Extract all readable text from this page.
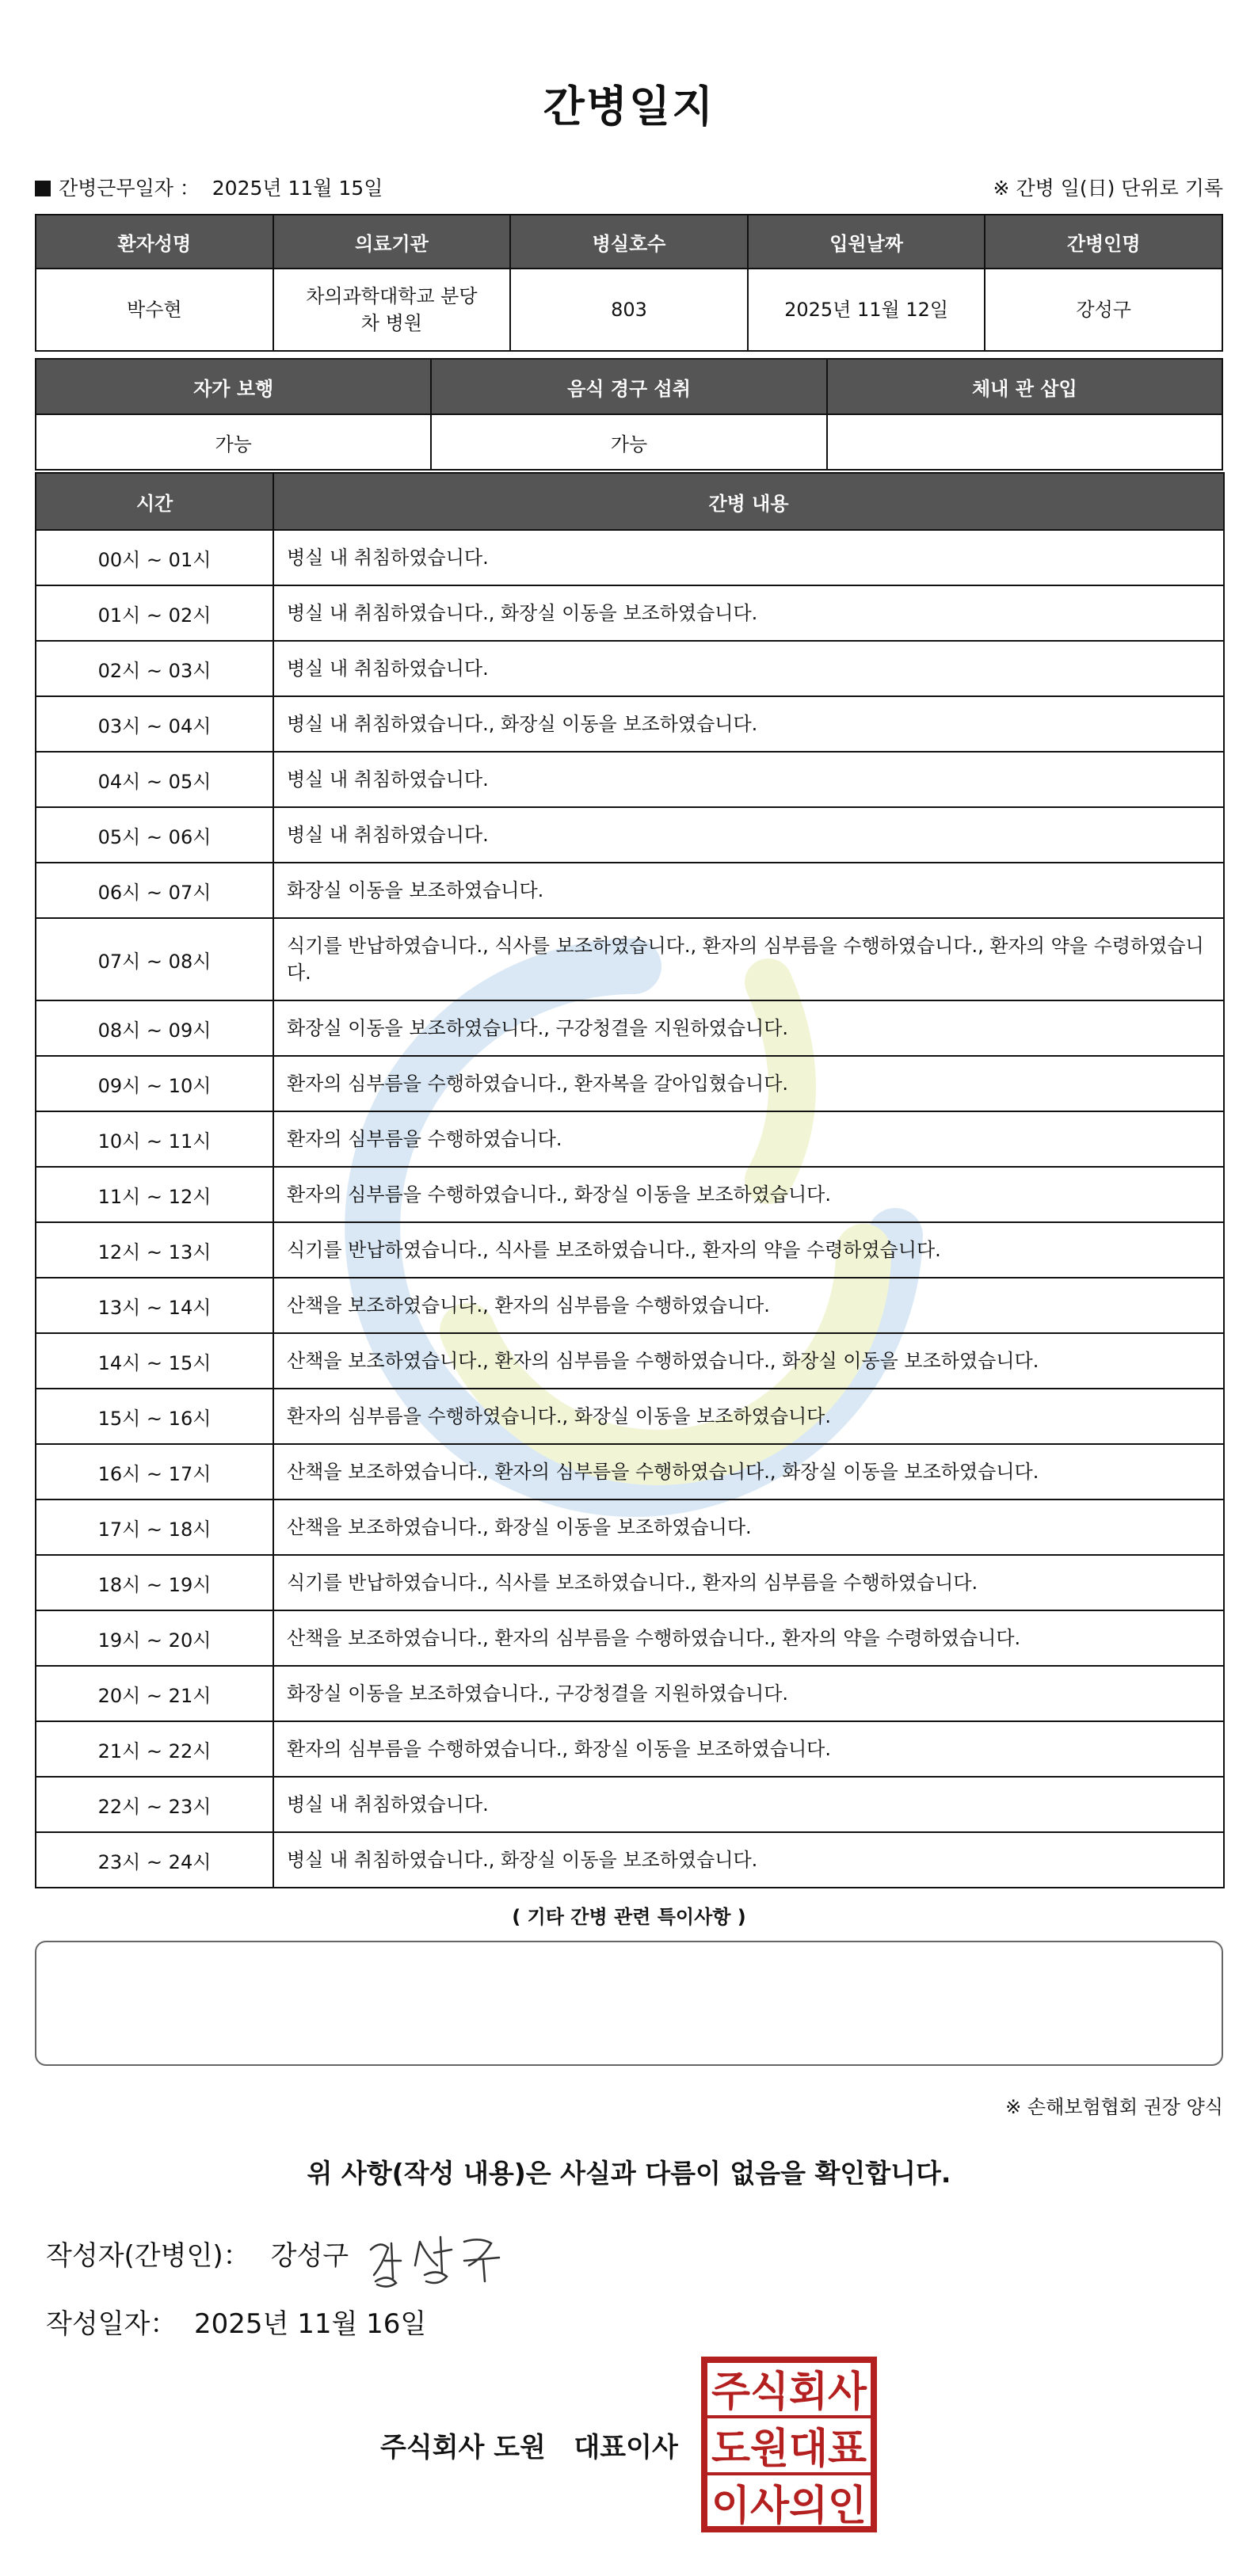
간병일지
간병근무일자 ： 2025년 11월 15일	※ 간병 일(日) 단위로 기록
환자성명	의료기관	병실호수	입원날짜	간병인명
박수현	차의과학대학교 분당차 병원	803	2025년 11월 12일	강성구
자가 보행	음식 경구 섭취	체내 관 삽입
가능	가능	
시간	간병 내용
00시 ~ 01시	병실 내 취침하였습니다.
01시 ~ 02시	병실 내 취침하였습니다., 화장실 이동을 보조하였습니다.
02시 ~ 03시	병실 내 취침하였습니다.
03시 ~ 04시	병실 내 취침하였습니다., 화장실 이동을 보조하였습니다.
04시 ~ 05시	병실 내 취침하였습니다.
05시 ~ 06시	병실 내 취침하였습니다.
06시 ~ 07시	화장실 이동을 보조하였습니다.
07시 ~ 08시	식기를 반납하였습니다., 식사를 보조하였습니다., 환자의 심부름을 수행하였습니다., 환자의 약을 수령하였습니다.
08시 ~ 09시	화장실 이동을 보조하였습니다., 구강청결을 지원하였습니다.
09시 ~ 10시	환자의 심부름을 수행하였습니다., 환자복을 갈아입혔습니다.
10시 ~ 11시	환자의 심부름을 수행하였습니다.
11시 ~ 12시	환자의 심부름을 수행하였습니다., 화장실 이동을 보조하였습니다.
12시 ~ 13시	식기를 반납하였습니다., 식사를 보조하였습니다., 환자의 약을 수령하였습니다.
13시 ~ 14시	산책을 보조하였습니다., 환자의 심부름을 수행하였습니다.
14시 ~ 15시	산책을 보조하였습니다., 환자의 심부름을 수행하였습니다., 화장실 이동을 보조하였습니다.
15시 ~ 16시	환자의 심부름을 수행하였습니다., 화장실 이동을 보조하였습니다.
16시 ~ 17시	산책을 보조하였습니다., 환자의 심부름을 수행하였습니다., 화장실 이동을 보조하였습니다.
17시 ~ 18시	산책을 보조하였습니다., 화장실 이동을 보조하였습니다.
18시 ~ 19시	식기를 반납하였습니다., 식사를 보조하였습니다., 환자의 심부름을 수행하였습니다.
19시 ~ 20시	산책을 보조하였습니다., 환자의 심부름을 수행하였습니다., 환자의 약을 수령하였습니다.
20시 ~ 21시	화장실 이동을 보조하였습니다., 구강청결을 지원하였습니다.
21시 ~ 22시	환자의 심부름을 수행하였습니다., 화장실 이동을 보조하였습니다.
22시 ~ 23시	병실 내 취침하였습니다.
23시 ~ 24시	병실 내 취침하였습니다., 화장실 이동을 보조하였습니다.
( 기타 간병 관련 특이사항 )
※ 손해보험협회 권장 양식
위 사항(작성 내용)은 사실과 다름이 없음을 확인합니다.
작성자(간병인)： 강성구
작성일자： 2025년 11월 16일
주식회사 도원   대표이사
주식회사
도원대표
이사의인
